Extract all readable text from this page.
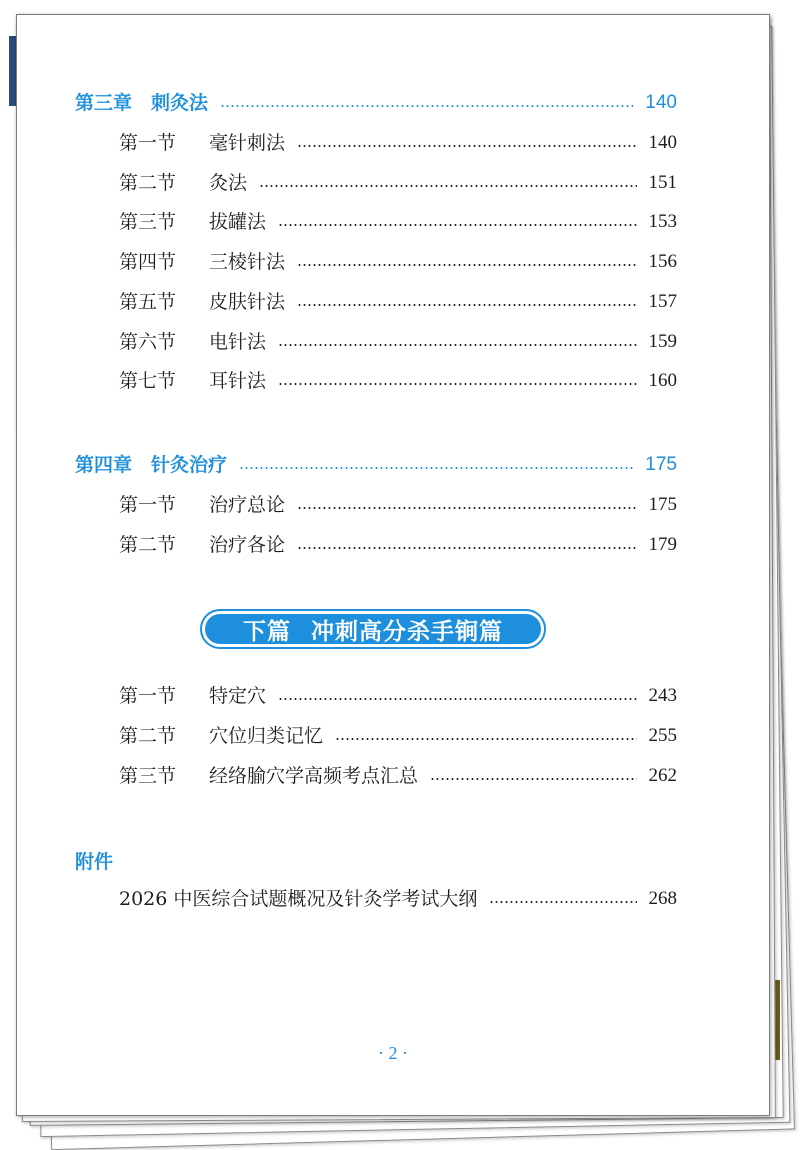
第三章　刺灸法	140
第一节	毫针刺法	140
第二节	灸法	151
第三节	拔罐法	153
第四节	三棱针法	156
第五节	皮肤针法	157
第六节	电针法	159
第七节	耳针法	160
第四章　针灸治疗	175
第一节	治疗总论	175
第二节	治疗各论	179
下篇 冲刺高分杀手锏篇
第一节	特定穴	243
第二节	穴位归类记忆	255
第三节	经络腧穴学高频考点汇总	262
附件
2026 中医综合试题概况及针灸学考试大纲	268
· 2 ·
